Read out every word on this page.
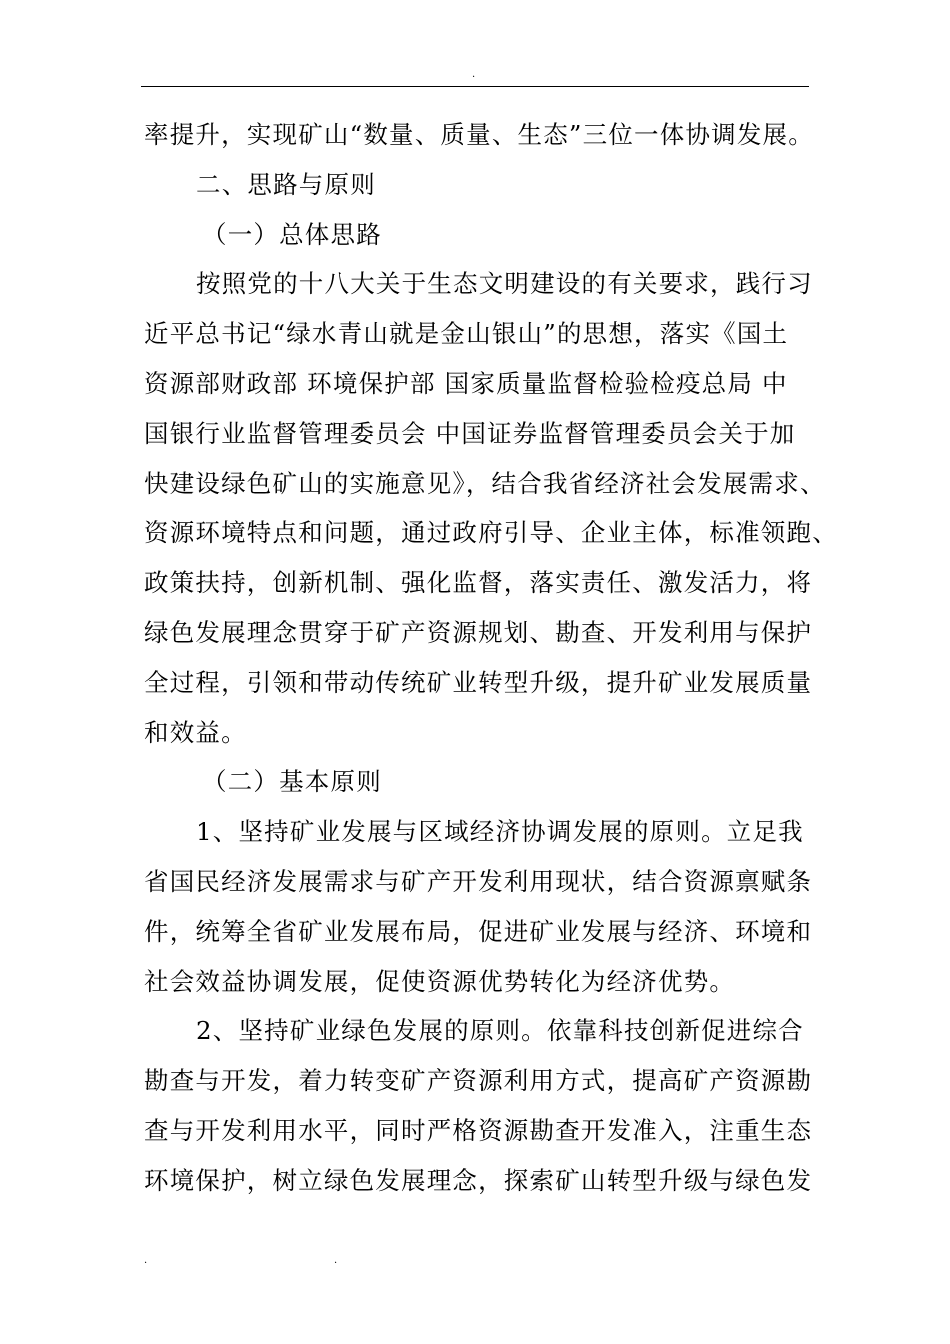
.
率提升，实现矿山“数量、质量、生态”三位一体协调发展。
二、思路与原则
（一）总体思路
按照党的十八大关于生态文明建设的有关要求，践行习
近平总书记“绿水青山就是金山银山”的思想，落实《国土
资源部财政部 环境保护部 国家质量监督检验检疫总局 中
国银行业监督管理委员会 中国证券监督管理委员会关于加
快建设绿色矿山的实施意见》，结合我省经济社会发展需求、
资源环境特点和问题，通过政府引导、企业主体，标准领跑、
政策扶持，创新机制、强化监督，落实责任、激发活力，将
绿色发展理念贯穿于矿产资源规划、勘查、开发利用与保护
全过程，引领和带动传统矿业转型升级，提升矿业发展质量
和效益。
（二）基本原则
1、坚持矿业发展与区域经济协调发展的原则。立足我
省国民经济发展需求与矿产开发利用现状，结合资源禀赋条
件，统筹全省矿业发展布局，促进矿业发展与经济、环境和
社会效益协调发展，促使资源优势转化为经济优势。
2、坚持矿业绿色发展的原则。依靠科技创新促进综合
勘查与开发，着力转变矿产资源利用方式，提高矿产资源勘
查与开发利用水平，同时严格资源勘查开发准入，注重生态
环境保护，树立绿色发展理念，探索矿山转型升级与绿色发
.	.
